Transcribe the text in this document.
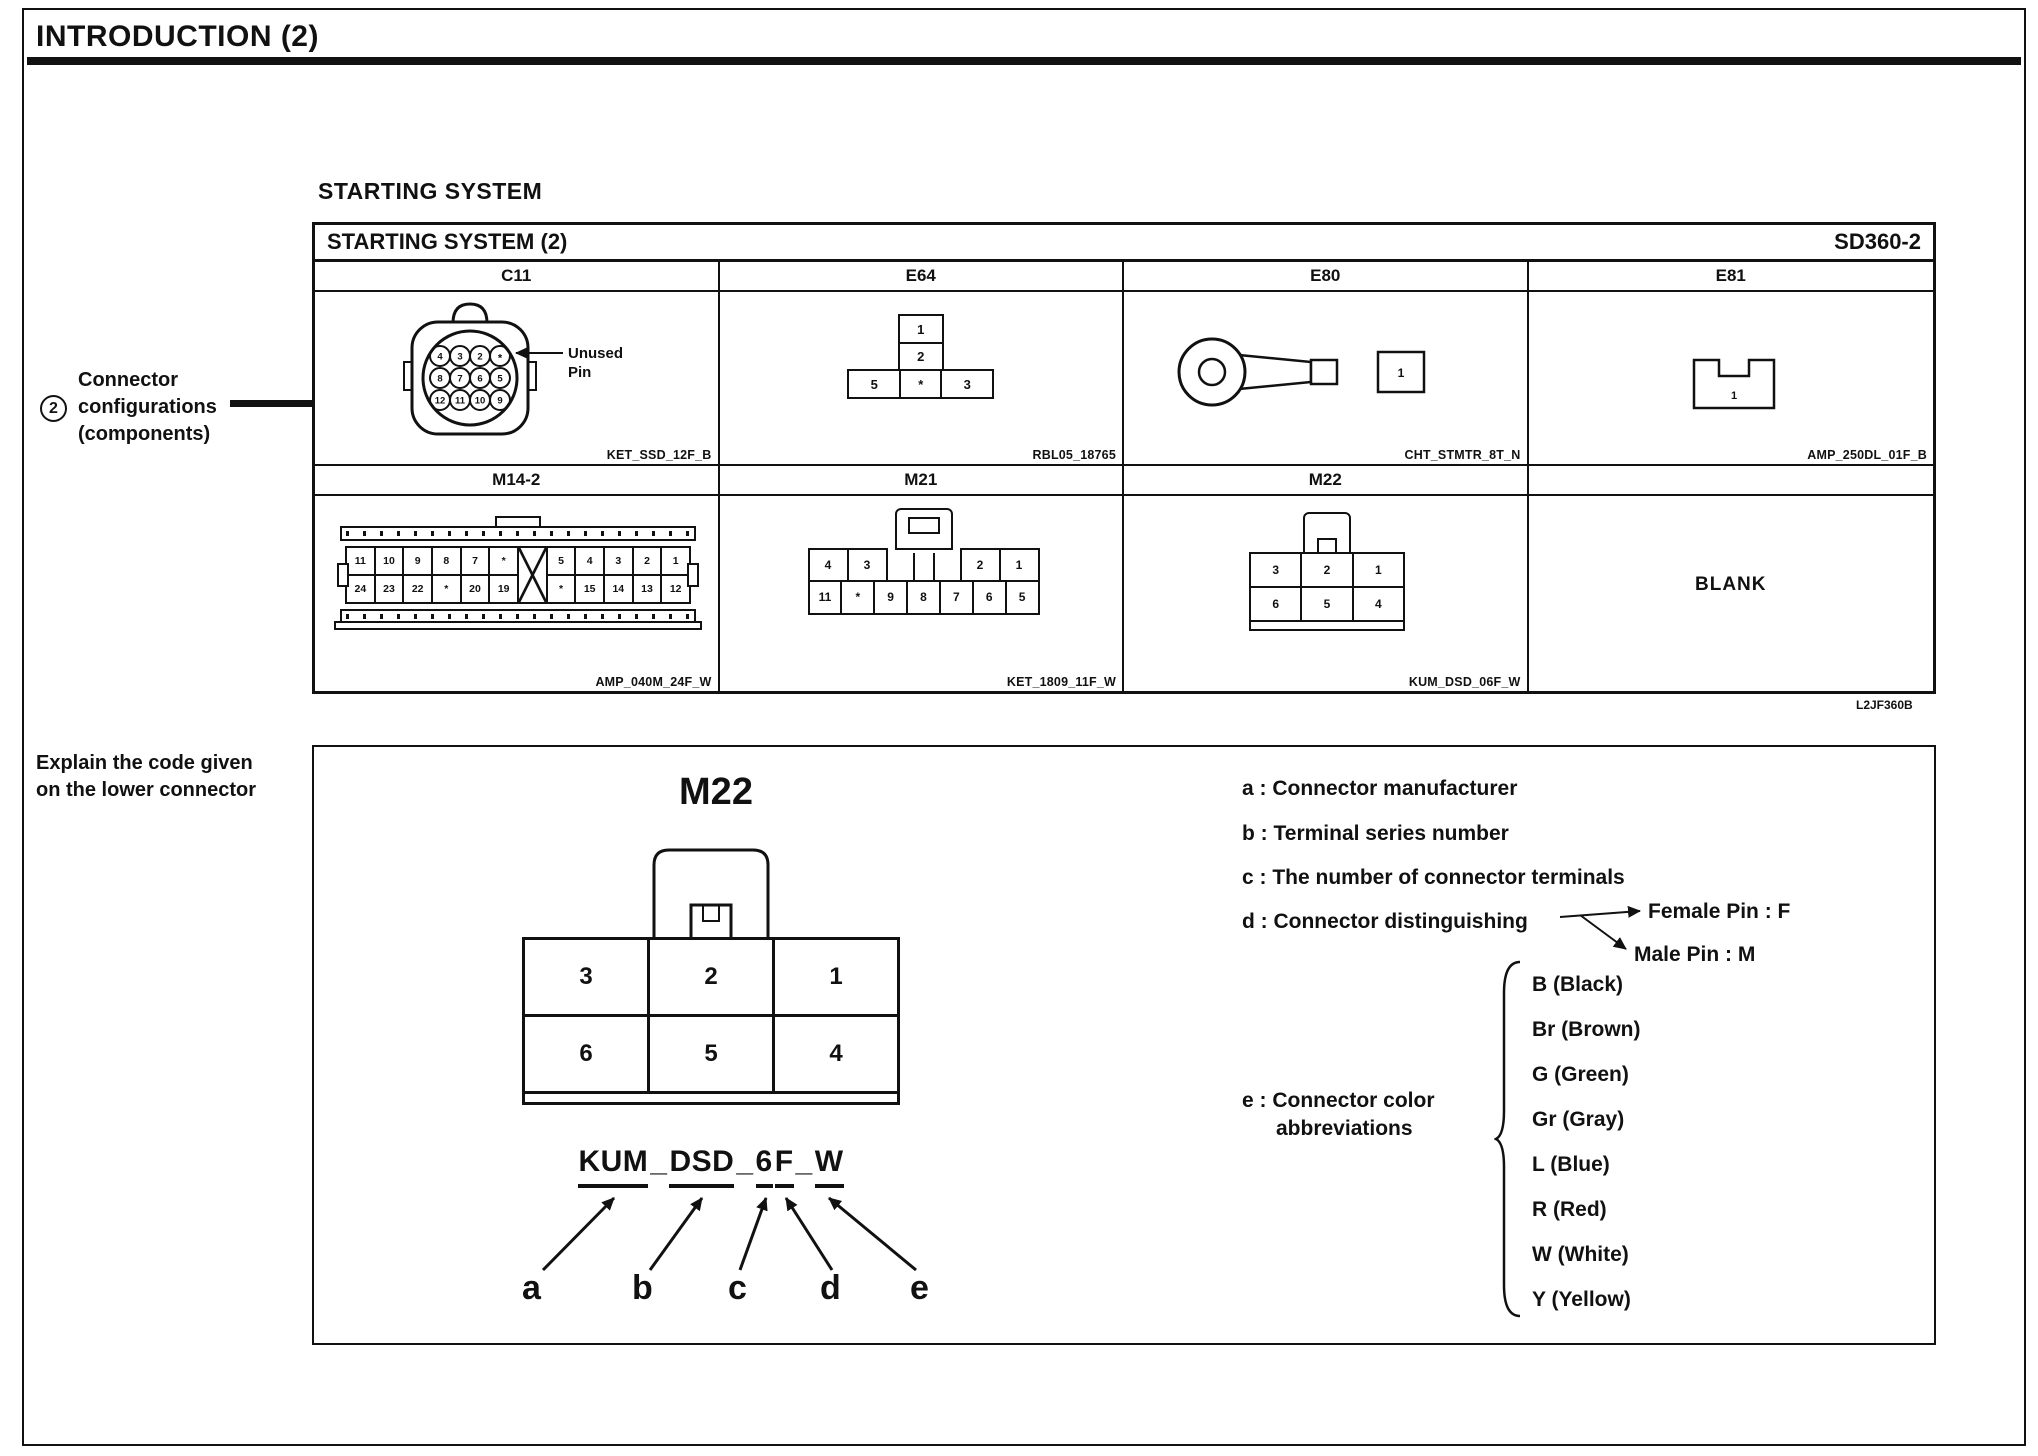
INTRODUCTION (2)
STARTING SYSTEM
Connector
configurations
(components)
2
STARTING SYSTEM (2)	SD360-2
C11
4 3 2 *
8 7 6 5
12 11 10 9
Unused
Pin
KET_SSD_12F_B
E64
1
2
5	*	3
RBL05_18765
E80
1
CHT_STMTR_8T_N
E81
1
AMP_250DL_01F_B
M14-2
11	10	9	8	7	*	5	4	3	2	1
24	23	22	*	20	19	*	15	14	13	12
AMP_040M_24F_W
M21
4	3	2	1
11	*	9	8	7	6	5
KET_1809_11F_W
M22
3	2	1
6	5	4
KUM_DSD_06F_W
BLANK
L2JF360B
Explain the code given
on the lower connector	M22
3	2	1
6	5	4
KUM _ DSD _ 6 F _ W
a	b c d e
a : Connector manufacturer
b : Terminal series number
c : The number of connector terminals
d : Connector distinguishing	Female Pin : F
Male Pin : M
e : Connector color
abbreviations
B (Black)
Br (Brown)
G (Green)
Gr (Gray)
L (Blue)
R (Red)
W (White)
Y (Yellow)
